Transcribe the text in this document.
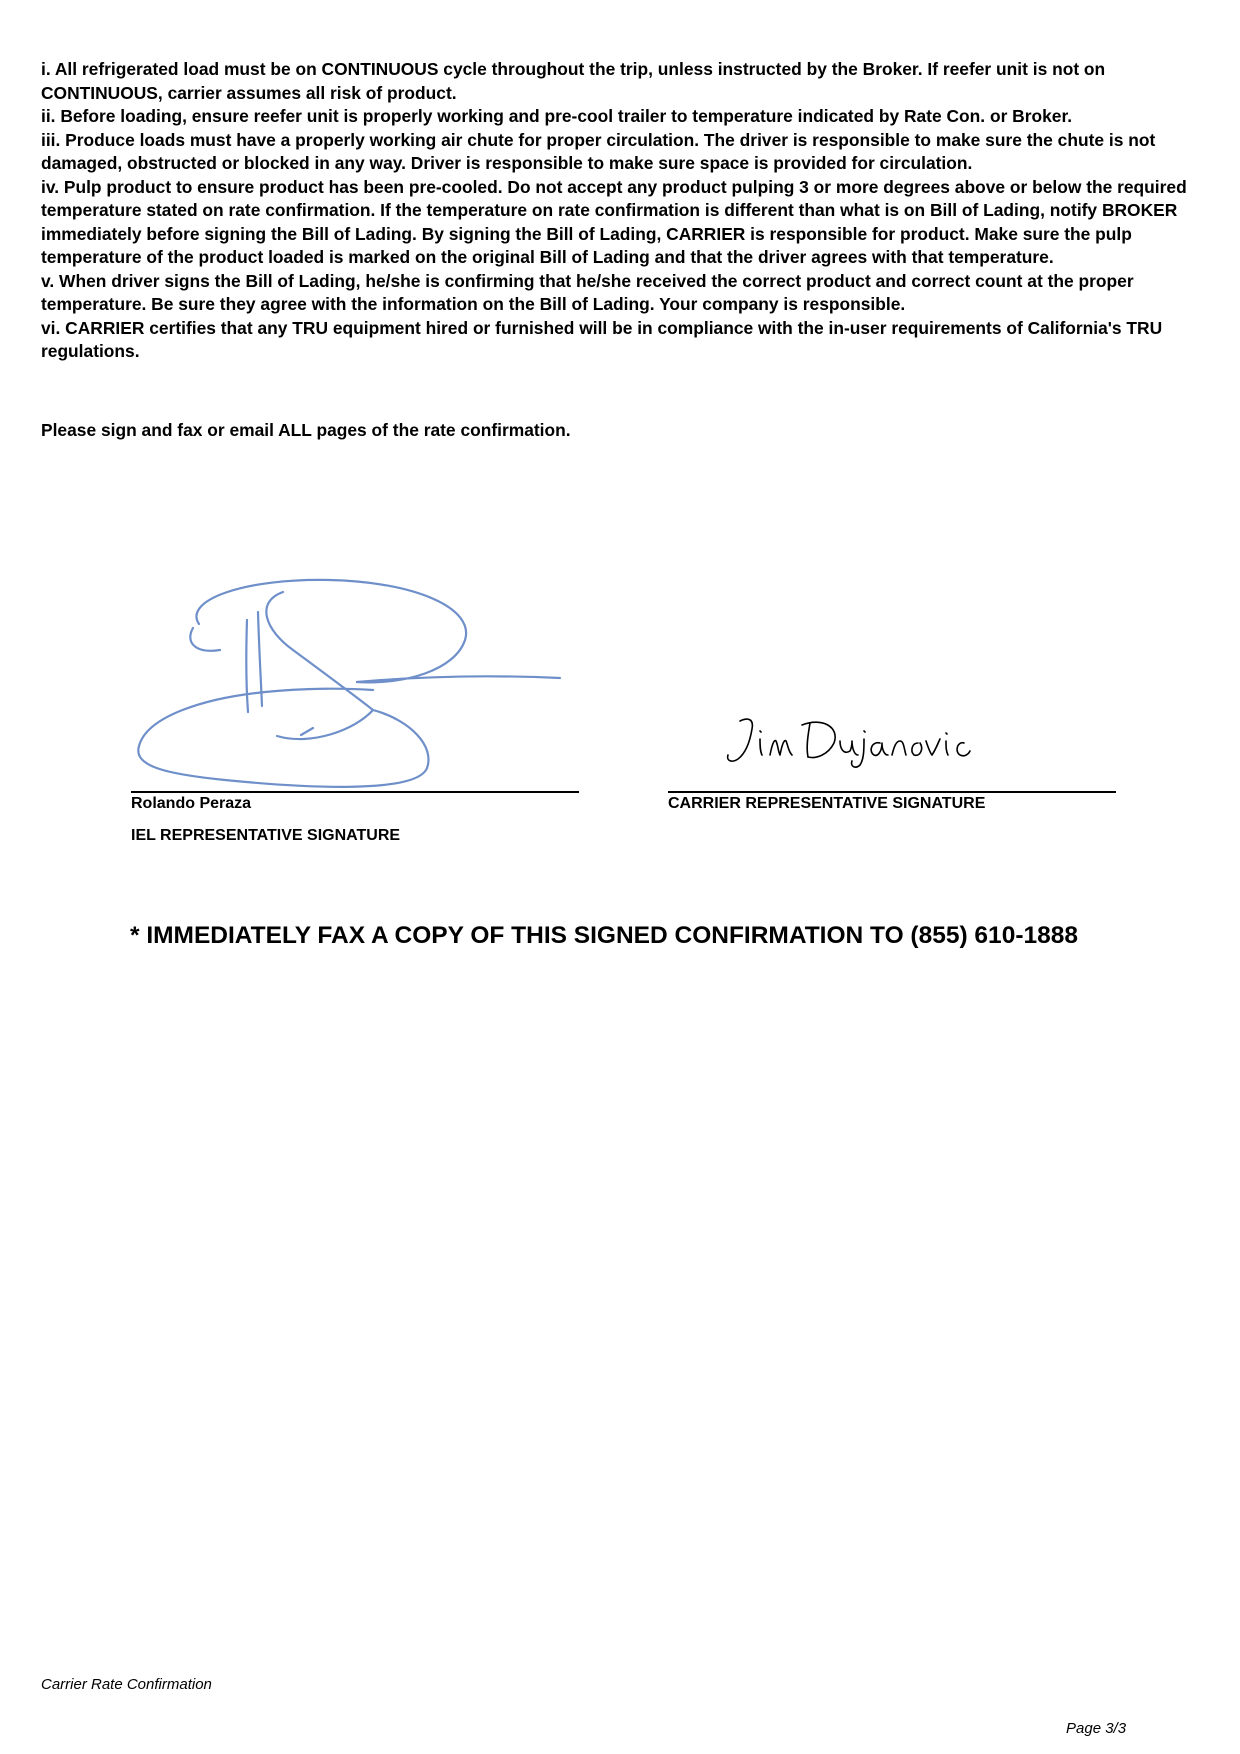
i. All refrigerated load must be on CONTINUOUS cycle throughout the trip, unless instructed by the Broker. If reefer unit is not on CONTINUOUS, carrier assumes all risk of product.
ii. Before loading, ensure reefer unit is properly working and pre-cool trailer to temperature indicated by Rate Con. or Broker.
iii. Produce loads must have a properly working air chute for proper circulation. The driver is responsible to make sure the chute is not damaged, obstructed or blocked in any way. Driver is responsible to make sure space is provided for circulation.
iv. Pulp product to ensure product has been pre-cooled. Do not accept any product pulping 3 or more degrees above or below the required temperature stated on rate confirmation. If the temperature on rate confirmation is different than what is on Bill of Lading, notify BROKER immediately before signing the Bill of Lading. By signing the Bill of Lading, CARRIER is responsible for product. Make sure the pulp temperature of the product loaded is marked on the original Bill of Lading and that the driver agrees with that temperature.
v. When driver signs the Bill of Lading, he/she is confirming that he/she received the correct product and correct count at the proper temperature. Be sure they agree with the information on the Bill of Lading. Your company is responsible.
vi. CARRIER certifies that any TRU equipment hired or furnished will be in compliance with the in-user requirements of California's TRU regulations.

Please sign and fax or email ALL pages of the rate confirmation.

Rolando Peraza
IEL REPRESENTATIVE SIGNATURE
CARRIER REPRESENTATIVE SIGNATURE
* IMMEDIATELY FAX A COPY OF THIS SIGNED CONFIRMATION TO (855) 610-1888
Carrier Rate Confirmation
Page 3/3
